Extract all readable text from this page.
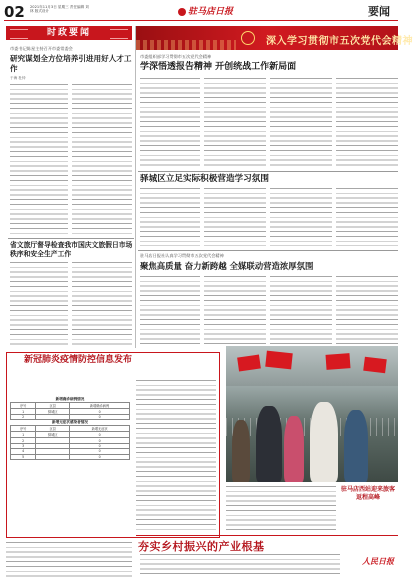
02 2021年11月3日 星期三 责任编辑 刘 林 版式设计	驻马店日报	要闻
时政要闻
市委书记陈星主持召开市委常委会
研究谋划全方位培养引进用好人才工作
于海 杜仲
省文旅厅督导检查我市国庆文旅假日市场秩序和安全生产工作
深入学习贯彻市五次党代会精神
市委组织部学习贯彻市五次党代会精神
学深悟透报告精神 开创统战工作新局面
驿城区立足实际积极营造学习氛围
驻马店日报社认真学习贯彻市五次党代会精神
聚焦高质量 奋力新跨越 全媒联动营造浓厚氛围
新冠肺炎疫情防控信息发布
新增确诊病例情况		
序号	区县	新增确诊病例
1	驿城区	0
2		0
新增无症状感染者情况		
序号	区县	新增无症状
1	驿城区	0
2		0
3		0
4		0
5		0
驻马店西站迎来旅客返程高峰
夯实乡村振兴的产业根基
人民日报
